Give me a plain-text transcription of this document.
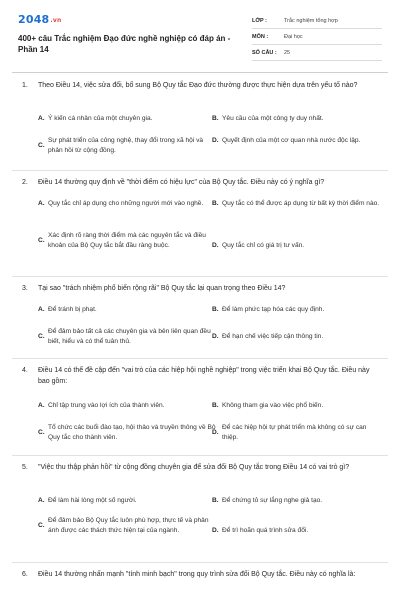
2048.vn
400+ câu Trắc nghiệm Đạo đức nghề nghiệp có đáp án - Phần 14
LỚP :	Trắc nghiệm tổng hợp
MÔN :	Đại học
SỐ CÂU :	25
1. Theo Điều 14, việc sửa đổi, bổ sung Bộ Quy tắc Đạo đức thường được thực hiện dựa trên yếu tố nào?
A. Ý kiến cá nhân của một chuyên gia.	B. Yêu cầu của một công ty duy nhất.
C.
Sự phát triển của công nghệ, thay đổi trong xã hội và phản hồi từ cộng đồng.
D. Quyết định của một cơ quan nhà nước độc lập.
2. Điều 14 thường quy định về "thời điểm có hiệu lực" của Bộ Quy tắc. Điều này có ý nghĩa gì?
A. Quy tắc chỉ áp dụng cho những người mới vào nghề. B. Quy tắc có thể được áp dụng từ bất kỳ thời điểm nào.
C.
Xác định rõ ràng thời điểm mà các nguyên tắc và điều khoản của Bộ Quy tắc bắt đầu ràng buộc.	D. Quy tắc chỉ có giá trị tư vấn.
3. Tại sao "trách nhiệm phổ biến rộng rãi" Bộ Quy tắc lại quan trọng theo Điều 14?
A. Để tránh bị phạt.	B. Để làm phức tạp hóa các quy định.
C.
Để đảm bảo tất cả các chuyên gia và bên liên quan đều biết, hiểu và có thể tuân thủ.
D. Để hạn chế việc tiếp cận thông tin.
4. Điều 14 có thể đề cập đến "vai trò của các hiệp hội nghề nghiệp" trong việc triển khai Bộ Quy tắc. Điều này bao gồm:
A. Chỉ tập trung vào lợi ích của thành viên.	B. Không tham gia vào việc phổ biến.
C.
Tổ chức các buổi đào tạo, hội thảo và truyền thông về Bộ Quy tắc cho thành viên.
D.
Để các hiệp hội tự phát triển mà không có sự can thiệp.
5. "Việc thu thập phản hồi" từ cộng đồng chuyên gia để sửa đổi Bộ Quy tắc trong Điều 14 có vai trò gì?
A. Để làm hài lòng một số người.	B. Để chứng tỏ sự lắng nghe giả tạo.
C.
Để đảm bảo Bộ Quy tắc luôn phù hợp, thực tế và phản ánh được các thách thức hiện tại của ngành.	D. Để trì hoãn quá trình sửa đổi.
6. Điều 14 thường nhấn mạnh "tính minh bạch" trong quy trình sửa đổi Bộ Quy tắc. Điều này có nghĩa là:
